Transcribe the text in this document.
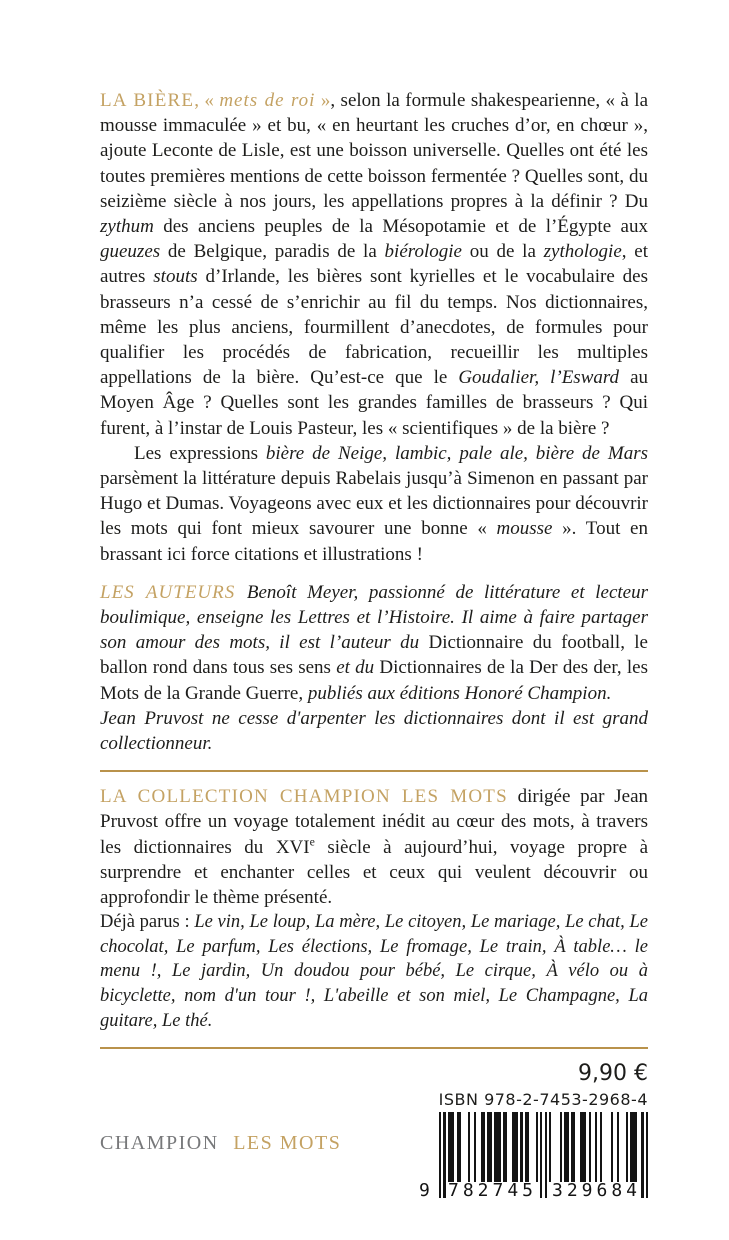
LA BIÈRE, « mets de roi », selon la formule shakespearienne, « à la mousse immaculée » et bu, « en heurtant les cruches d’or, en chœur », ajoute Leconte de Lisle, est une boisson universelle. Quelles ont été les toutes premières mentions de cette boisson fermentée ? Quelles sont, du seizième siècle à nos jours, les appellations propres à la définir ? Du zythum des anciens peuples de la Mésopotamie et de l’Égypte aux gueuzes de Belgique, paradis de la biérologie ou de la zythologie, et autres stouts d’Irlande, les bières sont kyrielles et le vocabulaire des brasseurs n’a cessé de s’enrichir au fil du temps. Nos dictionnaires, même les plus anciens, fourmillent d’anecdotes, de formules pour qualifier les procédés de fabrication, recueillir les multiples appellations de la bière. Qu’est-ce que le Goudalier, l’Esward au Moyen Âge ? Quelles sont les grandes familles de brasseurs ? Qui furent, à l’instar de Louis Pasteur, les « scientifiques » de la bière ?

Les expressions bière de Neige, lambic, pale ale, bière de Mars parsèment la littérature depuis Rabelais jusqu’à Simenon en passant par Hugo et Dumas. Voyageons avec eux et les dictionnaires pour découvrir les mots qui font mieux savourer une bonne « mousse ». Tout en brassant ici force citations et illustrations !

LES AUTEURS Benoît Meyer, passionné de littérature et lecteur boulimique, enseigne les Lettres et l’Histoire. Il aime à faire partager son amour des mots, il est l’auteur du Dictionnaire du football, le ballon rond dans tous ses sens et du Dictionnaires de la Der des der, les Mots de la Grande Guerre, publiés aux éditions Honoré Champion.

Jean Pruvost ne cesse d'arpenter les dictionnaires dont il est grand collectionneur.

LA COLLECTION CHAMPION LES MOTS dirigée par Jean Pruvost offre un voyage totalement inédit au cœur des mots, à travers les dictionnaires du XVIe siècle à aujourd’hui, voyage propre à surprendre et enchanter celles et ceux qui veulent découvrir ou approfondir le thème présenté.

Déjà parus : Le vin, Le loup, La mère, Le citoyen, Le mariage, Le chat, Le chocolat, Le parfum, Les élections, Le fromage, Le train, À table… le menu !, Le jardin, Un doudou pour bébé, Le cirque, À vélo ou à bicyclette, nom d'un tour !, L'abeille et son miel, Le Champagne, La guitare, Le thé.

9,90 €
CHAMPION LES MOTS
ISBN 978-2-7453-2968-4
9 782745 329684
